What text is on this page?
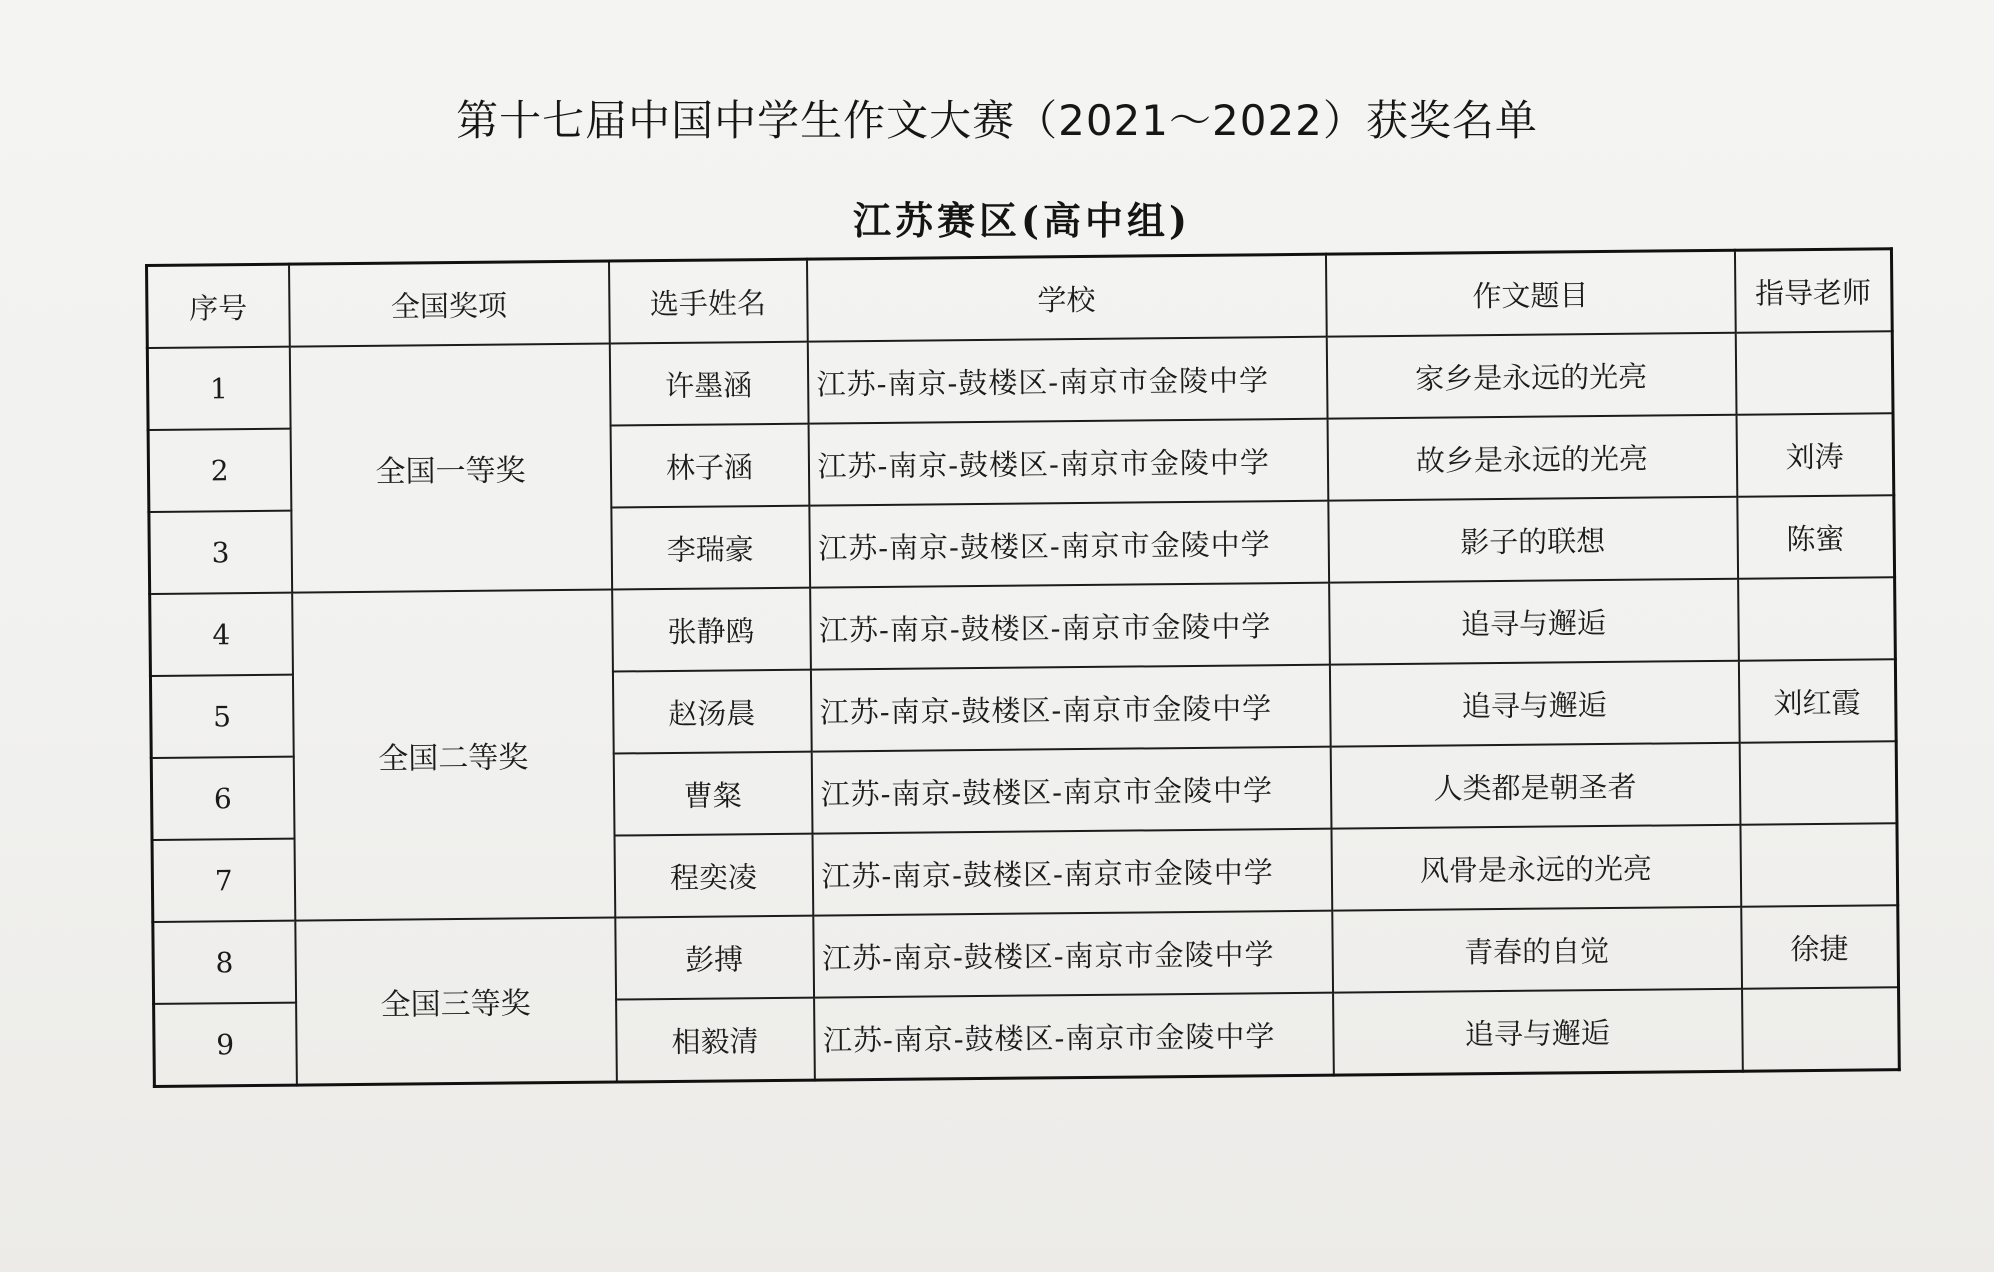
第十七届中国中学生作文大赛（2021～2022）获奖名单
江苏赛区(高中组)
序号	全国奖项	选手姓名	学校	作文题目	指导老师
1	全国一等奖	许墨涵	江苏-南京-鼓楼区-南京市金陵中学	家乡是永远的光亮	
2		林子涵	江苏-南京-鼓楼区-南京市金陵中学	故乡是永远的光亮	刘涛
3		李瑞豪	江苏-南京-鼓楼区-南京市金陵中学	影子的联想	陈蜜
4	全国二等奖	张静鸥	江苏-南京-鼓楼区-南京市金陵中学	追寻与邂逅	
5		赵汤晨	江苏-南京-鼓楼区-南京市金陵中学	追寻与邂逅	刘红霞
6		曹粲	江苏-南京-鼓楼区-南京市金陵中学	人类都是朝圣者	
7		程奕凌	江苏-南京-鼓楼区-南京市金陵中学	风骨是永远的光亮	
8	全国三等奖	彭搏	江苏-南京-鼓楼区-南京市金陵中学	青春的自觉	徐捷
9		相毅清	江苏-南京-鼓楼区-南京市金陵中学	追寻与邂逅	
